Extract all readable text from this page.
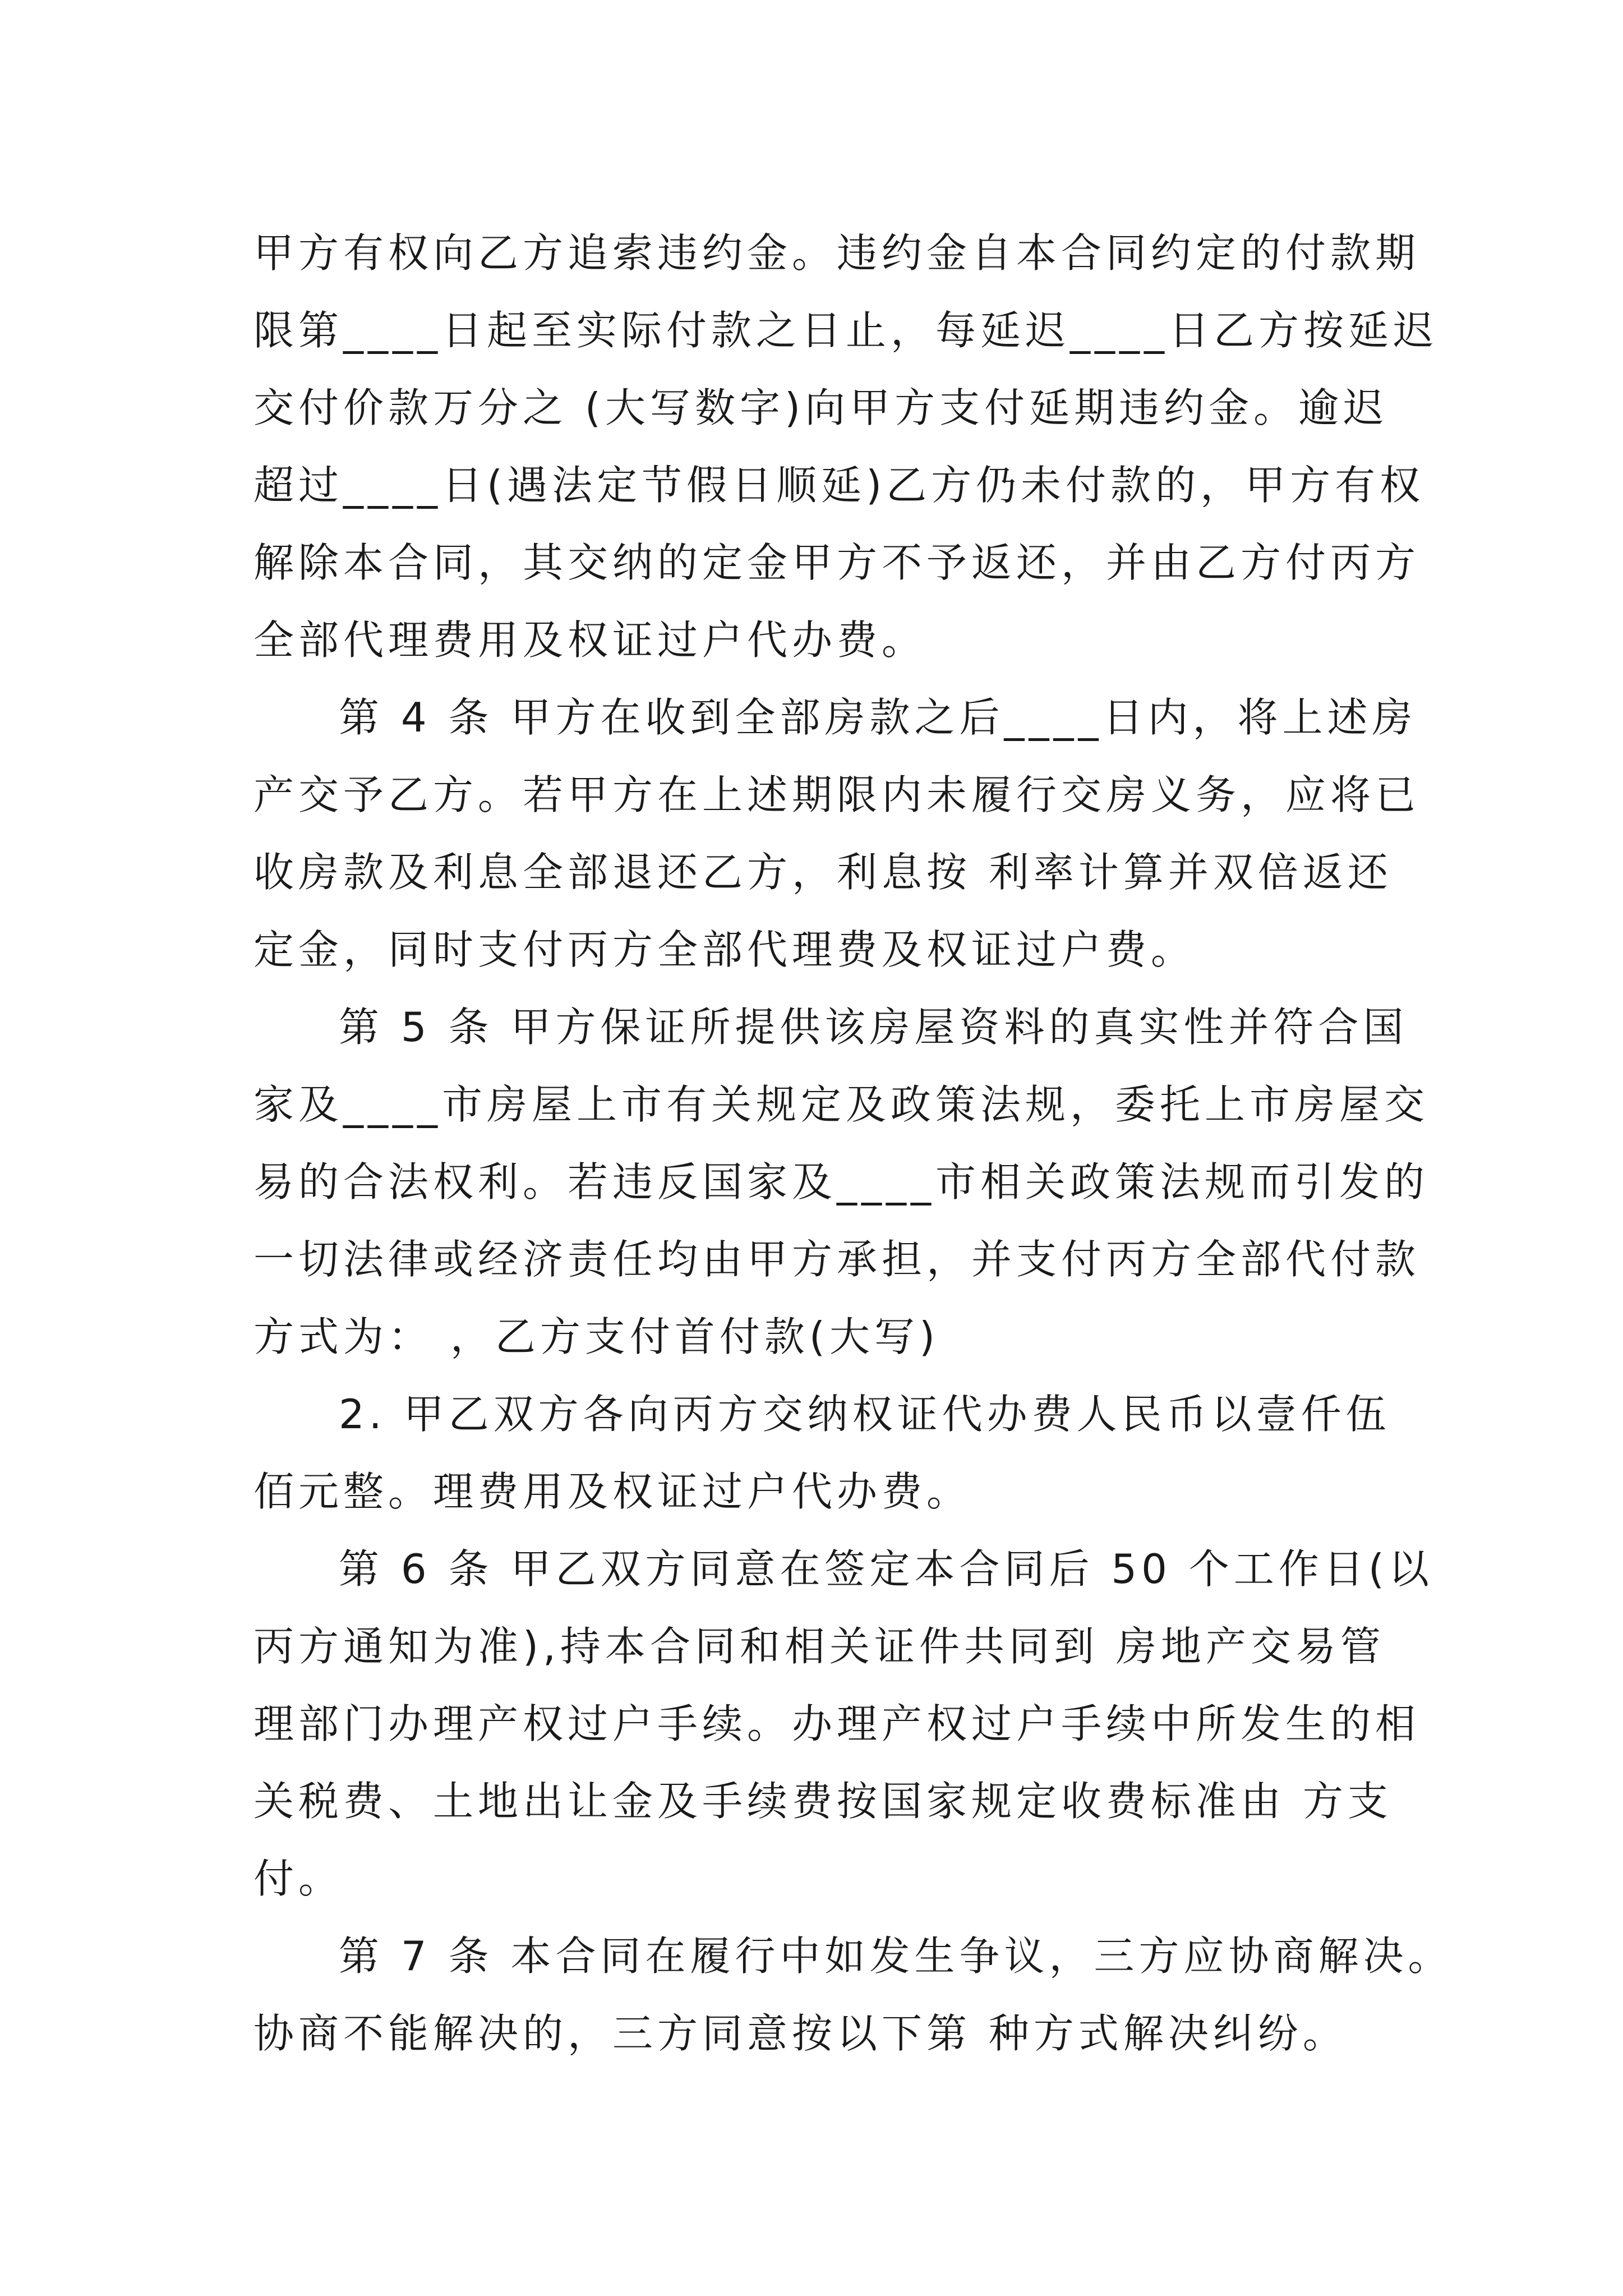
甲方有权向乙方追索违约金。违约金自本合同约定的付款期
限第____日起至实际付款之日止，每延迟____日乙方按延迟
交付价款万分之 (大写数字)向甲方支付延期违约金。逾迟
超过____日(遇法定节假日顺延)乙方仍未付款的，甲方有权
解除本合同，其交纳的定金甲方不予返还，并由乙方付丙方
全部代理费用及权证过户代办费。
第 4 条 甲方在收到全部房款之后____日内，将上述房
产交予乙方。若甲方在上述期限内未履行交房义务，应将已
收房款及利息全部退还乙方，利息按 利率计算并双倍返还
定金，同时支付丙方全部代理费及权证过户费。
第 5 条 甲方保证所提供该房屋资料的真实性并符合国
家及____市房屋上市有关规定及政策法规，委托上市房屋交
易的合法权利。若违反国家及____市相关政策法规而引发的
一切法律或经济责任均由甲方承担，并支付丙方全部代付款
方式为： ，乙方支付首付款(大写)
2. 甲乙双方各向丙方交纳权证代办费人民币以壹仟伍
佰元整。理费用及权证过户代办费。
第 6 条 甲乙双方同意在签定本合同后 50 个工作日(以
丙方通知为准),持本合同和相关证件共同到 房地产交易管
理部门办理产权过户手续。办理产权过户手续中所发生的相
关税费、土地出让金及手续费按国家规定收费标准由 方支
付。
第 7 条 本合同在履行中如发生争议，三方应协商解决。
协商不能解决的，三方同意按以下第 种方式解决纠纷。
